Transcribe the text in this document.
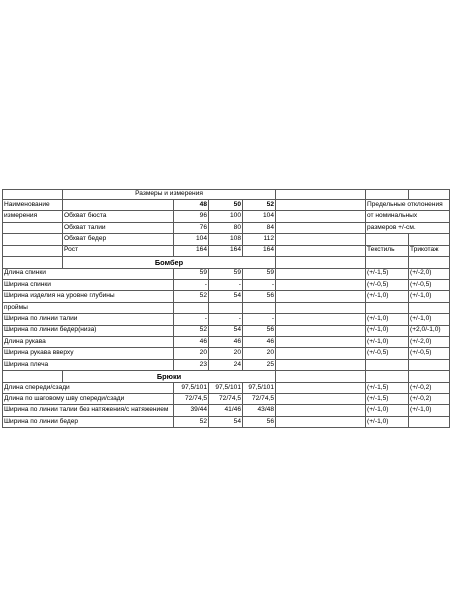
	Размеры и измерения						
Наименование		48	50	52		Предельные отклонения	
измерения	Обхват бюста	96	100	104		от номинальных	
	Обхват талии	76	80	84		размеров +/-см.	
	Обхват бедер	104	108	112			
	Рост	164	164	164		Текстиль	Трикотаж
	Бомбер						
Длина спинки		59	59	59		(+/-1,5)	(+/-2,0)
Ширина спинки		-	-	-		(+/-0,5)	(+/-0,5)
Ширина изделия на уровне глубины		52	54	56		(+/-1,0)	(+/-1,0)
проймы							
Ширина по линии талии		-	-	-		(+/-1,0)	(+/-1,0)
Ширина по линии бедер(низа)		52	54	56		(+/-1,0)	(+2,0/-1,0)
Длина рукава		46	46	46		(+/-1,0)	(+/-2,0)
Ширина рукава вверху		20	20	20		(+/-0,5)	(+/-0,5)
Ширина плеча		23	24	25			
	Брюки						
Длина спереди/сзади		97,5/101	97,5/101	97,5/101		(+/-1,5)	(+/-0,2)
Длина по шаговому шву спереди/сзади		72/74,5	72/74,5	72/74,5		(+/-1,5)	(+/-0,2)
Ширина по линии талии без натяжения/с натяжением		39/44	41/46	43/48		(+/-1,0)	(+/-1,0)
Ширина по линии бедер		52	54	56		(+/-1,0)	
